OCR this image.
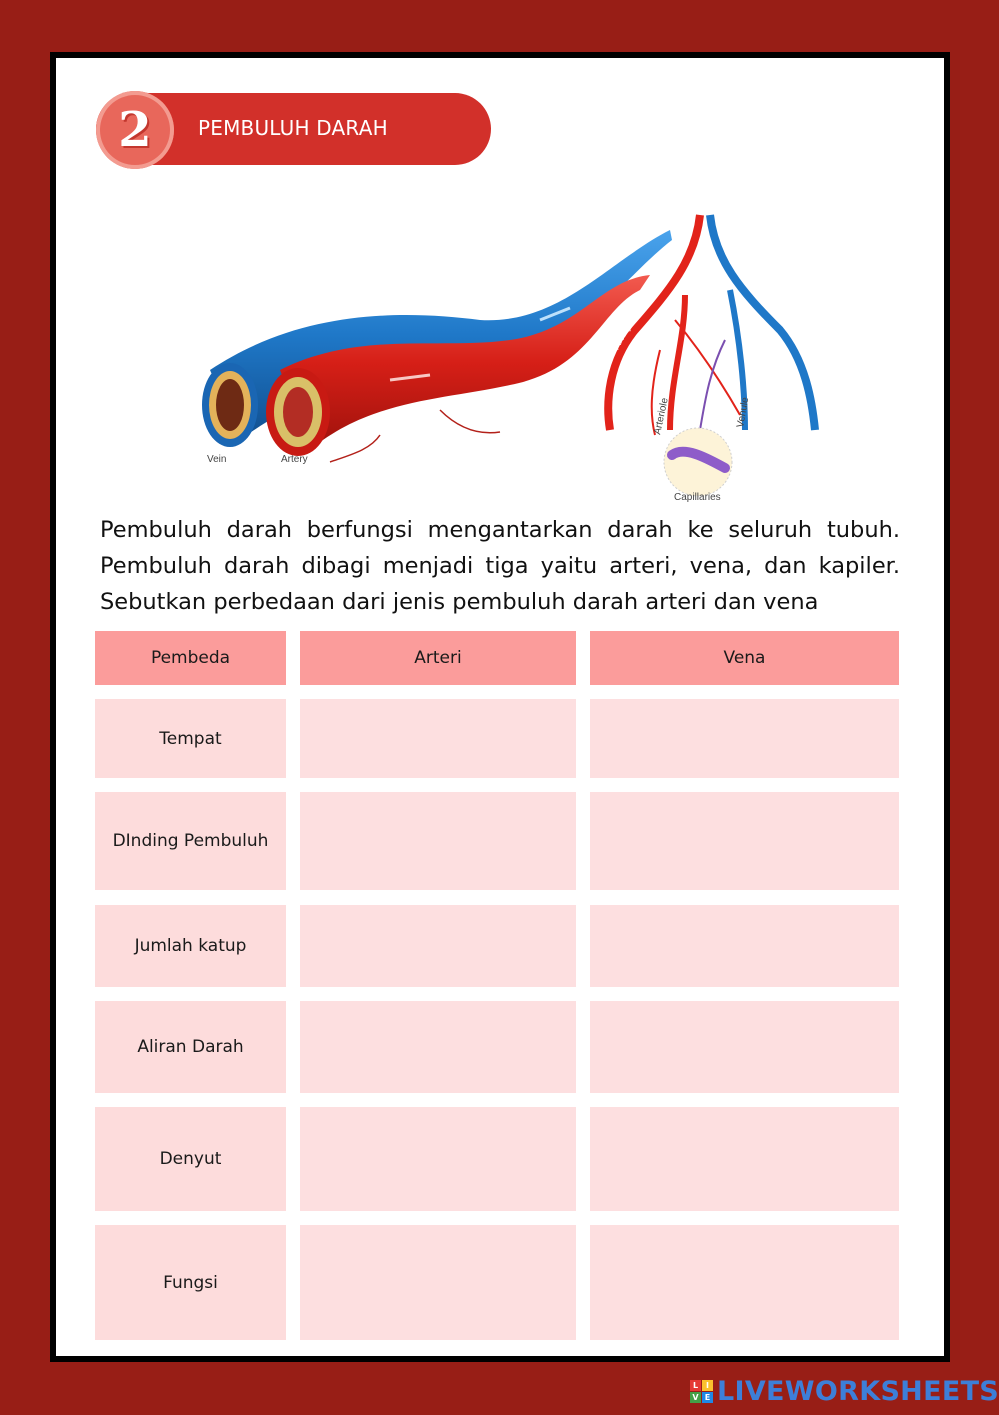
2	PEMBULUH DARAH
Vein	Artery
Artery
Vein
Arteriole	Venule
Capillaries
Pembuluh darah berfungsi mengantarkan darah ke seluruh tubuh.
Pembuluh darah dibagi menjadi tiga yaitu arteri, vena, dan kapiler.
Sebutkan perbedaan dari jenis pembuluh darah arteri dan vena
Pembeda	Arteri	Vena
Tempat
DInding Pembuluh
Jumlah katup
Aliran Darah
Denyut
Fungsi
L I
V E LIVEWORKSHEETS
